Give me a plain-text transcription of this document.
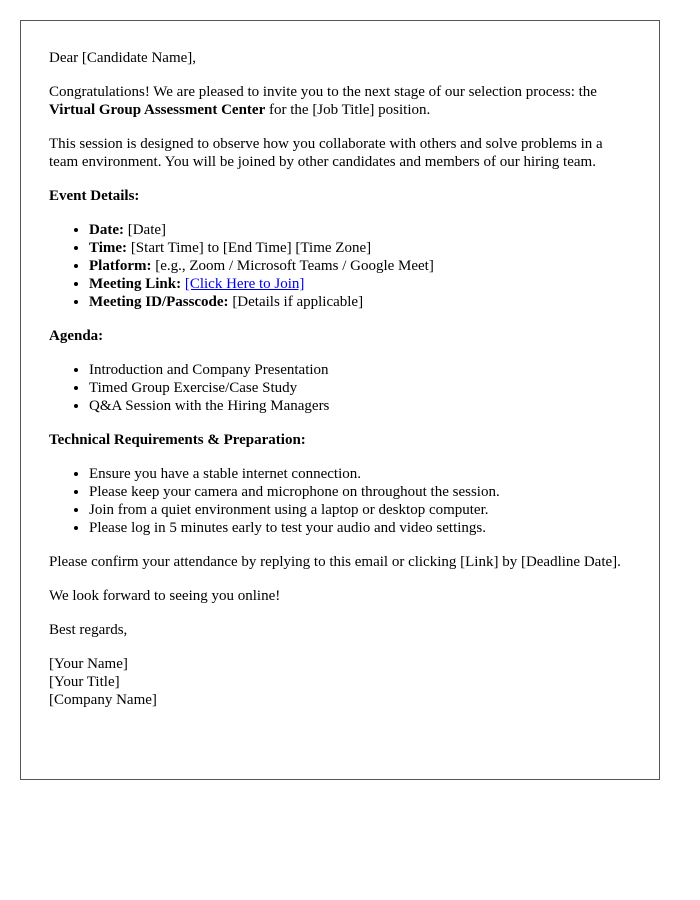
Dear [Candidate Name],

Congratulations! We are pleased to invite you to the next stage of our selection process: the Virtual Group Assessment Center for the [Job Title] position.

This session is designed to observe how you collaborate with others and solve problems in a team environment. You will be joined by other candidates and members of our hiring team.

Event Details:
• Date: [Date]
• Time: [Start Time] to [End Time] [Time Zone]
• Platform: [e.g., Zoom / Microsoft Teams / Google Meet]
• Meeting Link: [Click Here to Join]
• Meeting ID/Passcode: [Details if applicable]
Agenda:
• Introduction and Company Presentation
• Timed Group Exercise/Case Study
• Q&A Session with the Hiring Managers
Technical Requirements & Preparation:
• Ensure you have a stable internet connection.
• Please keep your camera and microphone on throughout the session.
• Join from a quiet environment using a laptop or desktop computer.
• Please log in 5 minutes early to test your audio and video settings.

Please confirm your attendance by replying to this email or clicking [Link] by [Deadline Date].

We look forward to seeing you online!

Best regards,

[Your Name]

[Your Title]

[Company Name]
